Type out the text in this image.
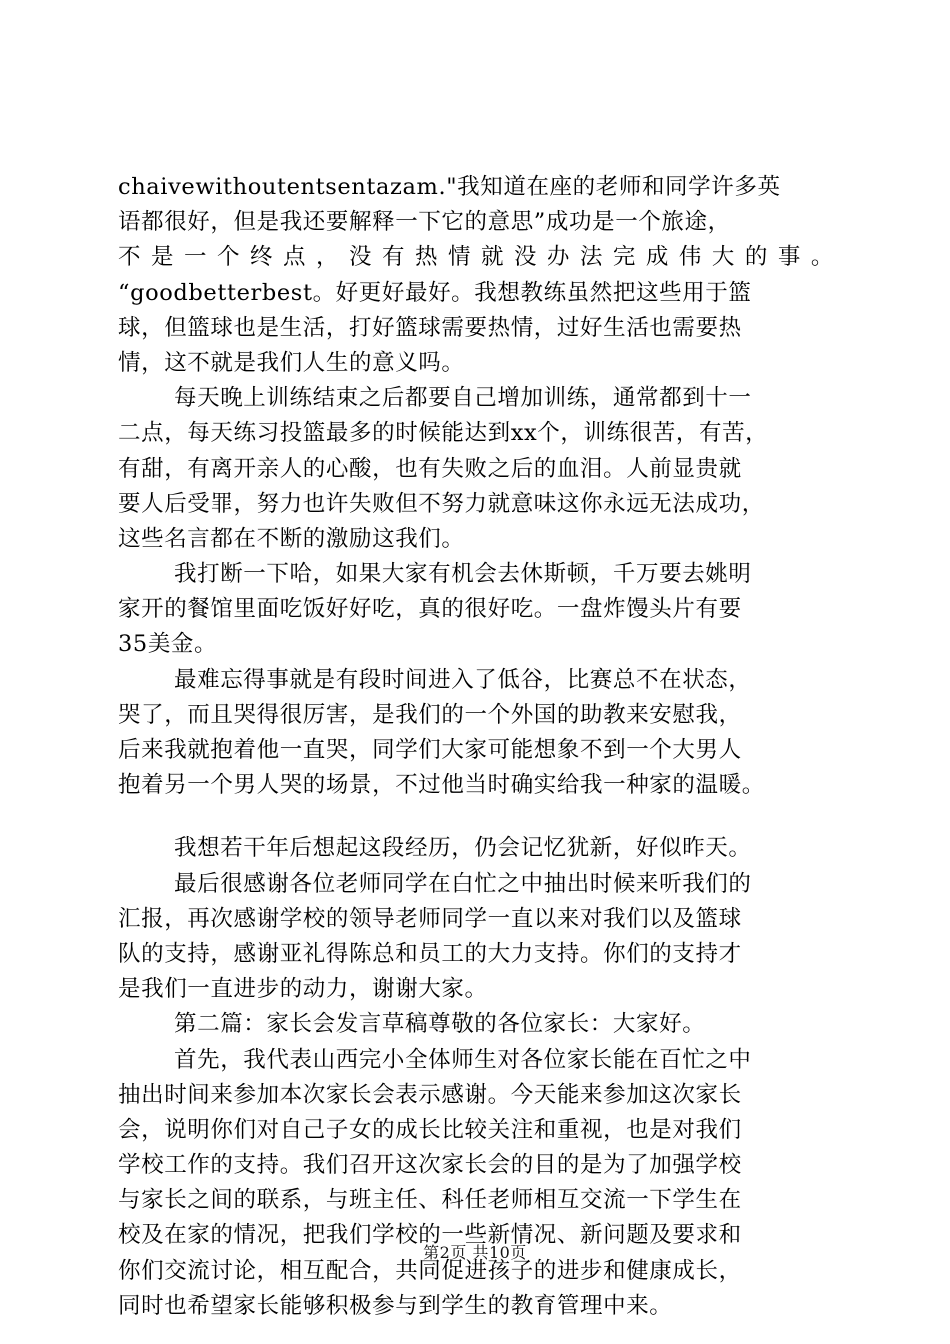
chaivewithoutentsentazam."我知道在座的老师和同学许多英
语都很好，但是我还要解释一下它的意思”成功是一个旅途，
不是一个终点，没有热情就没办法完成伟大的事。
“goodbetterbest。好更好最好。我想教练虽然把这些用于篮
球，但篮球也是生活，打好篮球需要热情，过好生活也需要热
情，这不就是我们人生的意义吗。
每天晚上训练结束之后都要自己增加训练，通常都到十一
二点，每天练习投篮最多的时候能达到xx个，训练很苦，有苦，
有甜，有离开亲人的心酸，也有失败之后的血泪。人前显贵就
要人后受罪，努力也许失败但不努力就意味这你永远无法成功，
这些名言都在不断的激励这我们。
我打断一下哈，如果大家有机会去休斯顿，千万要去姚明
家开的餐馆里面吃饭好好吃，真的很好吃。一盘炸馒头片有要
35美金。
最难忘得事就是有段时间进入了低谷，比赛总不在状态，
哭了，而且哭得很厉害，是我们的一个外国的助教来安慰我，
后来我就抱着他一直哭，同学们大家可能想象不到一个大男人
抱着另一个男人哭的场景，不过他当时确实给我一种家的温暖。
我想若干年后想起这段经历，仍会记忆犹新，好似昨天。
最后很感谢各位老师同学在白忙之中抽出时候来听我们的
汇报，再次感谢学校的领导老师同学一直以来对我们以及篮球
队的支持，感谢亚礼得陈总和员工的大力支持。你们的支持才
是我们一直进步的动力，谢谢大家。
第二篇：家长会发言草稿尊敬的各位家长：大家好。
首先，我代表山西完小全体师生对各位家长能在百忙之中
抽出时间来参加本次家长会表示感谢。今天能来参加这次家长
会，说明你们对自己子女的成长比较关注和重视，也是对我们
学校工作的支持。我们召开这次家长会的目的是为了加强学校
与家长之间的联系，与班主任、科任老师相互交流一下学生在
校及在家的情况，把我们学校的一些新情况、新问题及要求和
你们交流讨论，相互配合，共同促进孩子的进步和健康成长，
同时也希望家长能够积极参与到学生的教育管理中来。
第2页 共10页
